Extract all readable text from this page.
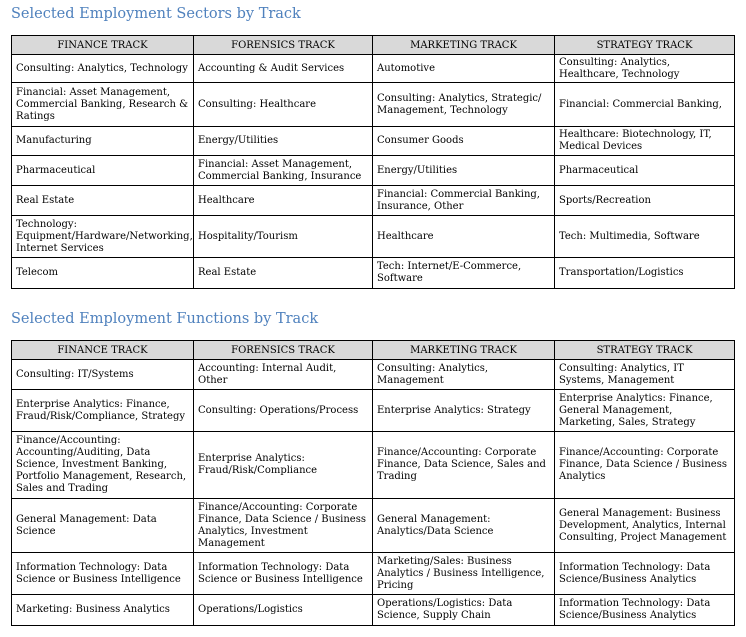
Selected Employment Sectors by Track
FINANCE TRACK	FORENSICS TRACK	MARKETING TRACK	STRATEGY TRACK
Consulting: Analytics, Technology	Accounting & Audit Services	Automotive	Consulting: Analytics, Healthcare, Technology
Financial: Asset Management, Commercial Banking, Research & Ratings	Consulting: Healthcare	Consulting: Analytics, Strategic/ Management, Technology	Financial: Commercial Banking,
Manufacturing	Energy/Utilities	Consumer Goods	Healthcare: Biotechnology, IT, Medical Devices
Pharmaceutical	Financial: Asset Management, Commercial Banking, Insurance	Energy/Utilities	Pharmaceutical
Real Estate	Healthcare	Financial: Commercial Banking, Insurance, Other	Sports/Recreation
Technology: Equipment/Hardware/Networking, Internet Services	Hospitality/Tourism	Healthcare	Tech: Multimedia, Software
Telecom	Real Estate	Tech: Internet/E-Commerce, Software	Transportation/Logistics
Selected Employment Functions by Track
FINANCE TRACK	FORENSICS TRACK	MARKETING TRACK	STRATEGY TRACK
Consulting: IT/Systems	Accounting: Internal Audit, Other	Consulting: Analytics, Management	Consulting: Analytics, IT Systems, Management
Enterprise Analytics: Finance, Fraud/Risk/Compliance, Strategy	Consulting: Operations/Process	Enterprise Analytics: Strategy	Enterprise Analytics: Finance, General Management, Marketing, Sales, Strategy
Finance/Accounting: Accounting/Auditing, Data Science, Investment Banking, Portfolio Management, Research, Sales and Trading	Enterprise Analytics: Fraud/Risk/Compliance	Finance/Accounting: Corporate Finance, Data Science, Sales and Trading	Finance/Accounting: Corporate Finance, Data Science / Business Analytics
General Management: Data Science	Finance/Accounting: Corporate Finance, Data Science / Business Analytics, Investment Management	General Management: Analytics/Data Science	General Management: Business Development, Analytics, Internal Consulting, Project Management
Information Technology: Data Science or Business Intelligence	Information Technology: Data Science or Business Intelligence	Marketing/Sales: Business Analytics / Business Intelligence, Pricing	Information Technology: Data Science/Business Analytics
Marketing: Business Analytics	Operations/Logistics	Operations/Logistics: Data Science, Supply Chain	Information Technology: Data Science/Business Analytics
